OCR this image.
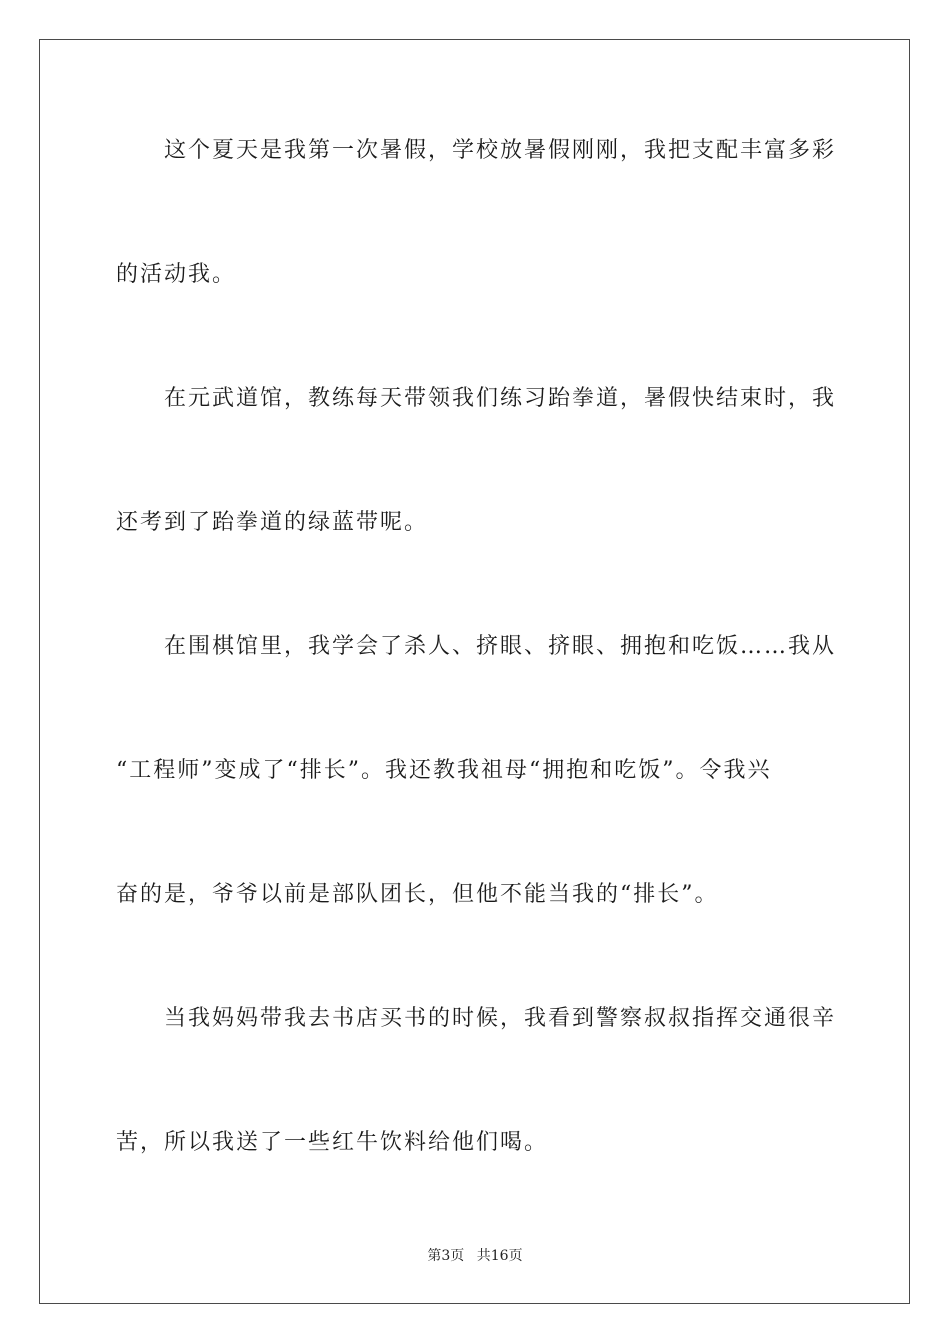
这个夏天是我第一次暑假，学校放暑假刚刚，我把支配丰富多彩
的活动我。
在元武道馆，教练每天带领我们练习跆拳道，暑假快结束时，我
还考到了跆拳道的绿蓝带呢。
在围棋馆里，我学会了杀人、挤眼、挤眼、拥抱和吃饭……我从
“工程师”变成了“排长”。我还教我祖母“拥抱和吃饭”。令我兴
奋的是，爷爷以前是部队团长，但他不能当我的“排长”。
当我妈妈带我去书店买书的时候，我看到警察叔叔指挥交通很辛
苦，所以我送了一些红牛饮料给他们喝。
第3页 共16页
